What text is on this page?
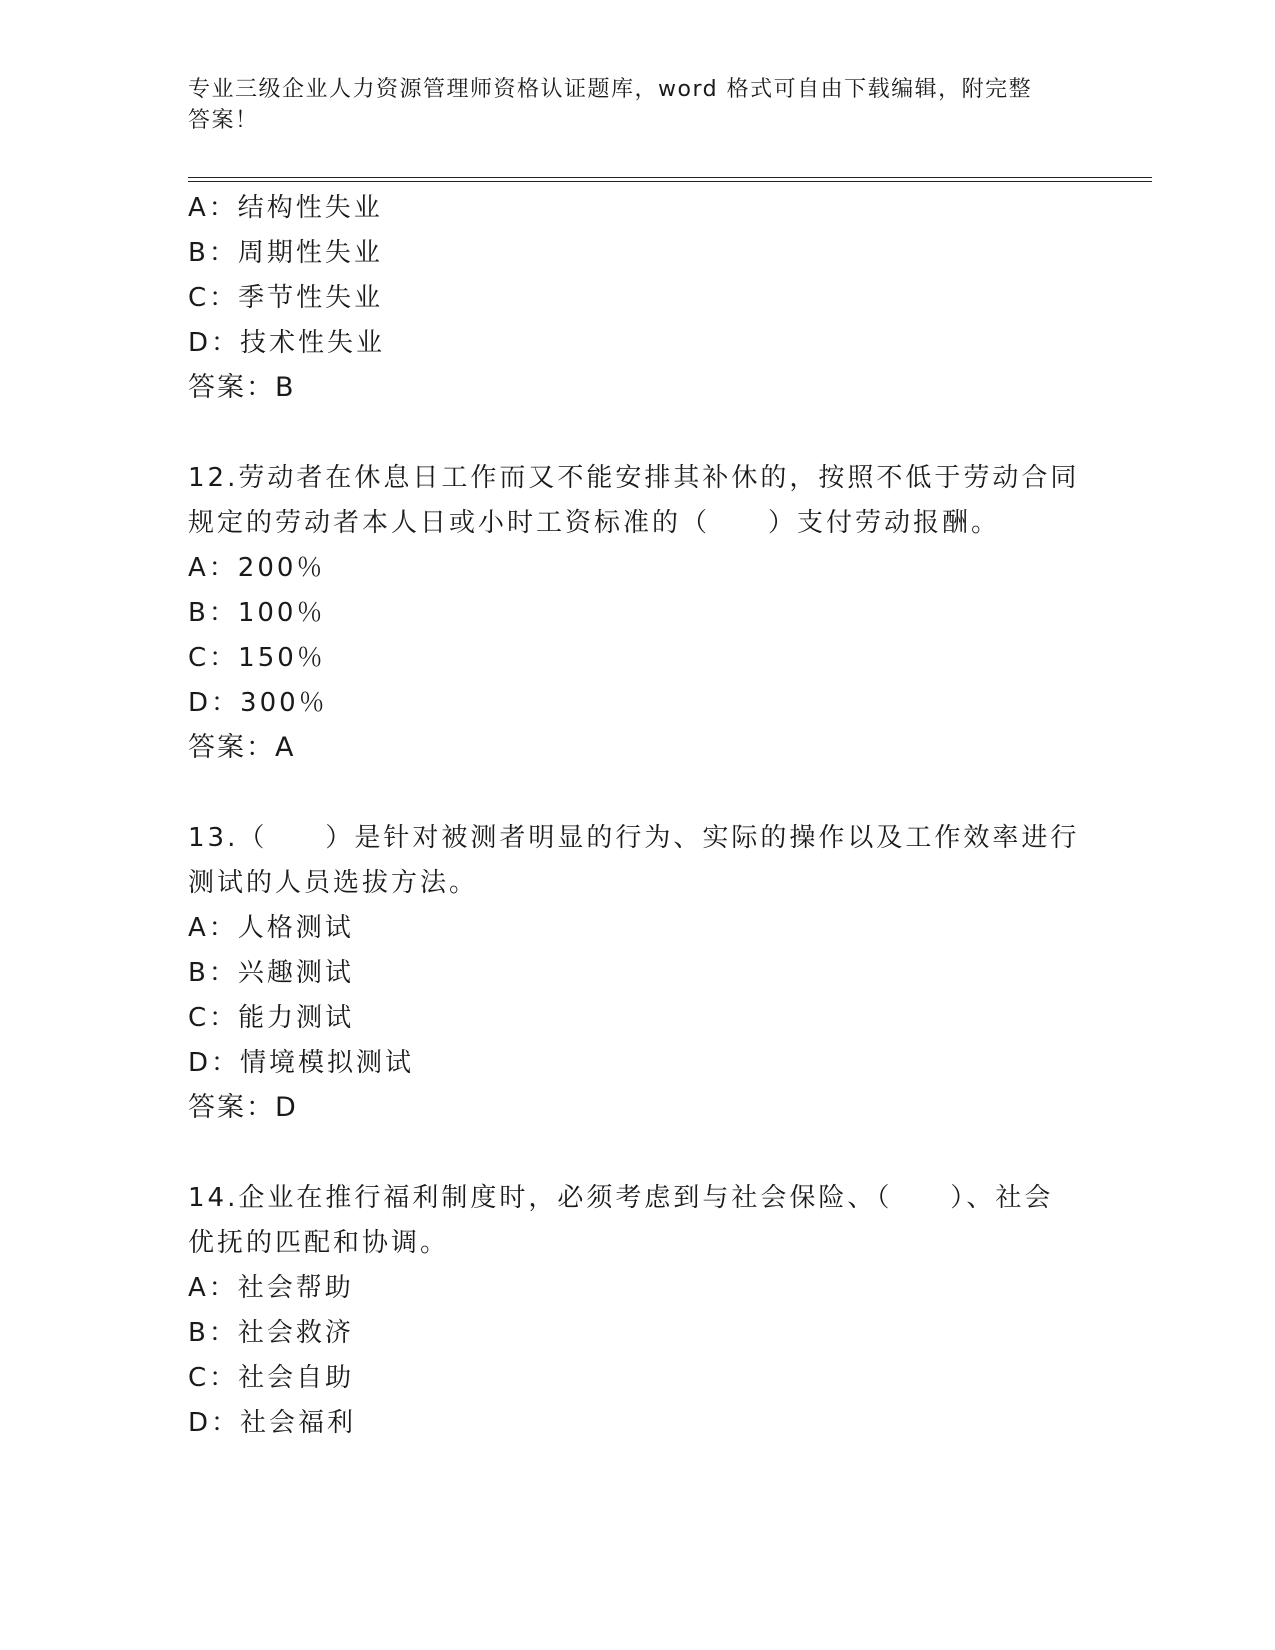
专业三级企业人力资源管理师资格认证题库，word 格式可自由下载编辑，附完整
答案！
A：结构性失业
B：周期性失业
C：季节性失业
D：技术性失业
答案：B
12.劳动者在休息日工作而又不能安排其补休的，按照不低于劳动合同
规定的劳动者本人日或小时工资标准的（　　）支付劳动报酬。
A：200％
B：100％
C：150％
D：300％
答案：A
13.（　　）是针对被测者明显的行为、实际的操作以及工作效率进行
测试的人员选拔方法。
A：人格测试
B：兴趣测试
C：能力测试
D：情境模拟测试
答案：D
14.企业在推行福利制度时，必须考虑到与社会保险、（　　）、社会
优抚的匹配和协调。
A：社会帮助
B：社会救济
C：社会自助
D：社会福利
